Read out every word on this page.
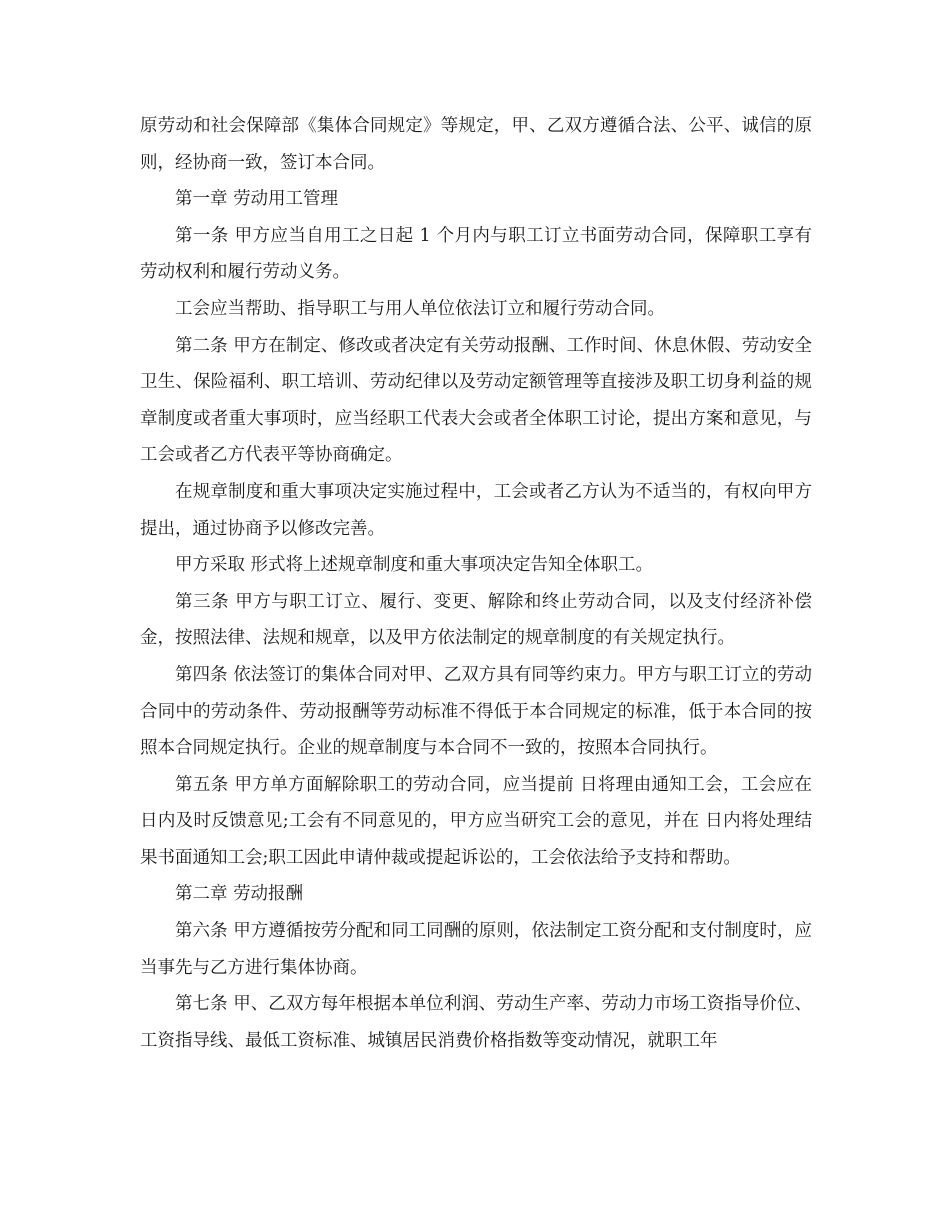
原劳动和社会保障部《集体合同规定》等规定，甲、乙双方遵循合法、公平、诚信的原则，经协商一致，签订本合同。

第一章 劳动用工管理

第一条 甲方应当自用工之日起 1 个月内与职工订立书面劳动合同，保障职工享有劳动权利和履行劳动义务。

工会应当帮助、指导职工与用人单位依法订立和履行劳动合同。

第二条 甲方在制定、修改或者决定有关劳动报酬、工作时间、休息休假、劳动安全卫生、保险福利、职工培训、劳动纪律以及劳动定额管理等直接涉及职工切身利益的规章制度或者重大事项时，应当经职工代表大会或者全体职工讨论，提出方案和意见，与工会或者乙方代表平等协商确定。

在规章制度和重大事项决定实施过程中，工会或者乙方认为不适当的，有权向甲方提出，通过协商予以修改完善。

甲方采取 形式将上述规章制度和重大事项决定告知全体职工。

第三条 甲方与职工订立、履行、变更、解除和终止劳动合同，以及支付经济补偿金，按照法律、法规和规章，以及甲方依法制定的规章制度的有关规定执行。

第四条 依法签订的集体合同对甲、乙双方具有同等约束力。甲方与职工订立的劳动合同中的劳动条件、劳动报酬等劳动标准不得低于本合同规定的标准，低于本合同的按照本合同规定执行。企业的规章制度与本合同不一致的，按照本合同执行。

第五条 甲方单方面解除职工的劳动合同，应当提前 日将理由通知工会，工会应在 日内及时反馈意见;工会有不同意见的，甲方应当研究工会的意见，并在 日内将处理结果书面通知工会;职工因此申请仲裁或提起诉讼的，工会依法给予支持和帮助。

第二章 劳动报酬

第六条 甲方遵循按劳分配和同工同酬的原则，依法制定工资分配和支付制度时，应当事先与乙方进行集体协商。

第七条 甲、乙双方每年根据本单位利润、劳动生产率、劳动力市场工资指导价位、工资指导线、最低工资标准、城镇居民消费价格指数等变动情况，就职工年
